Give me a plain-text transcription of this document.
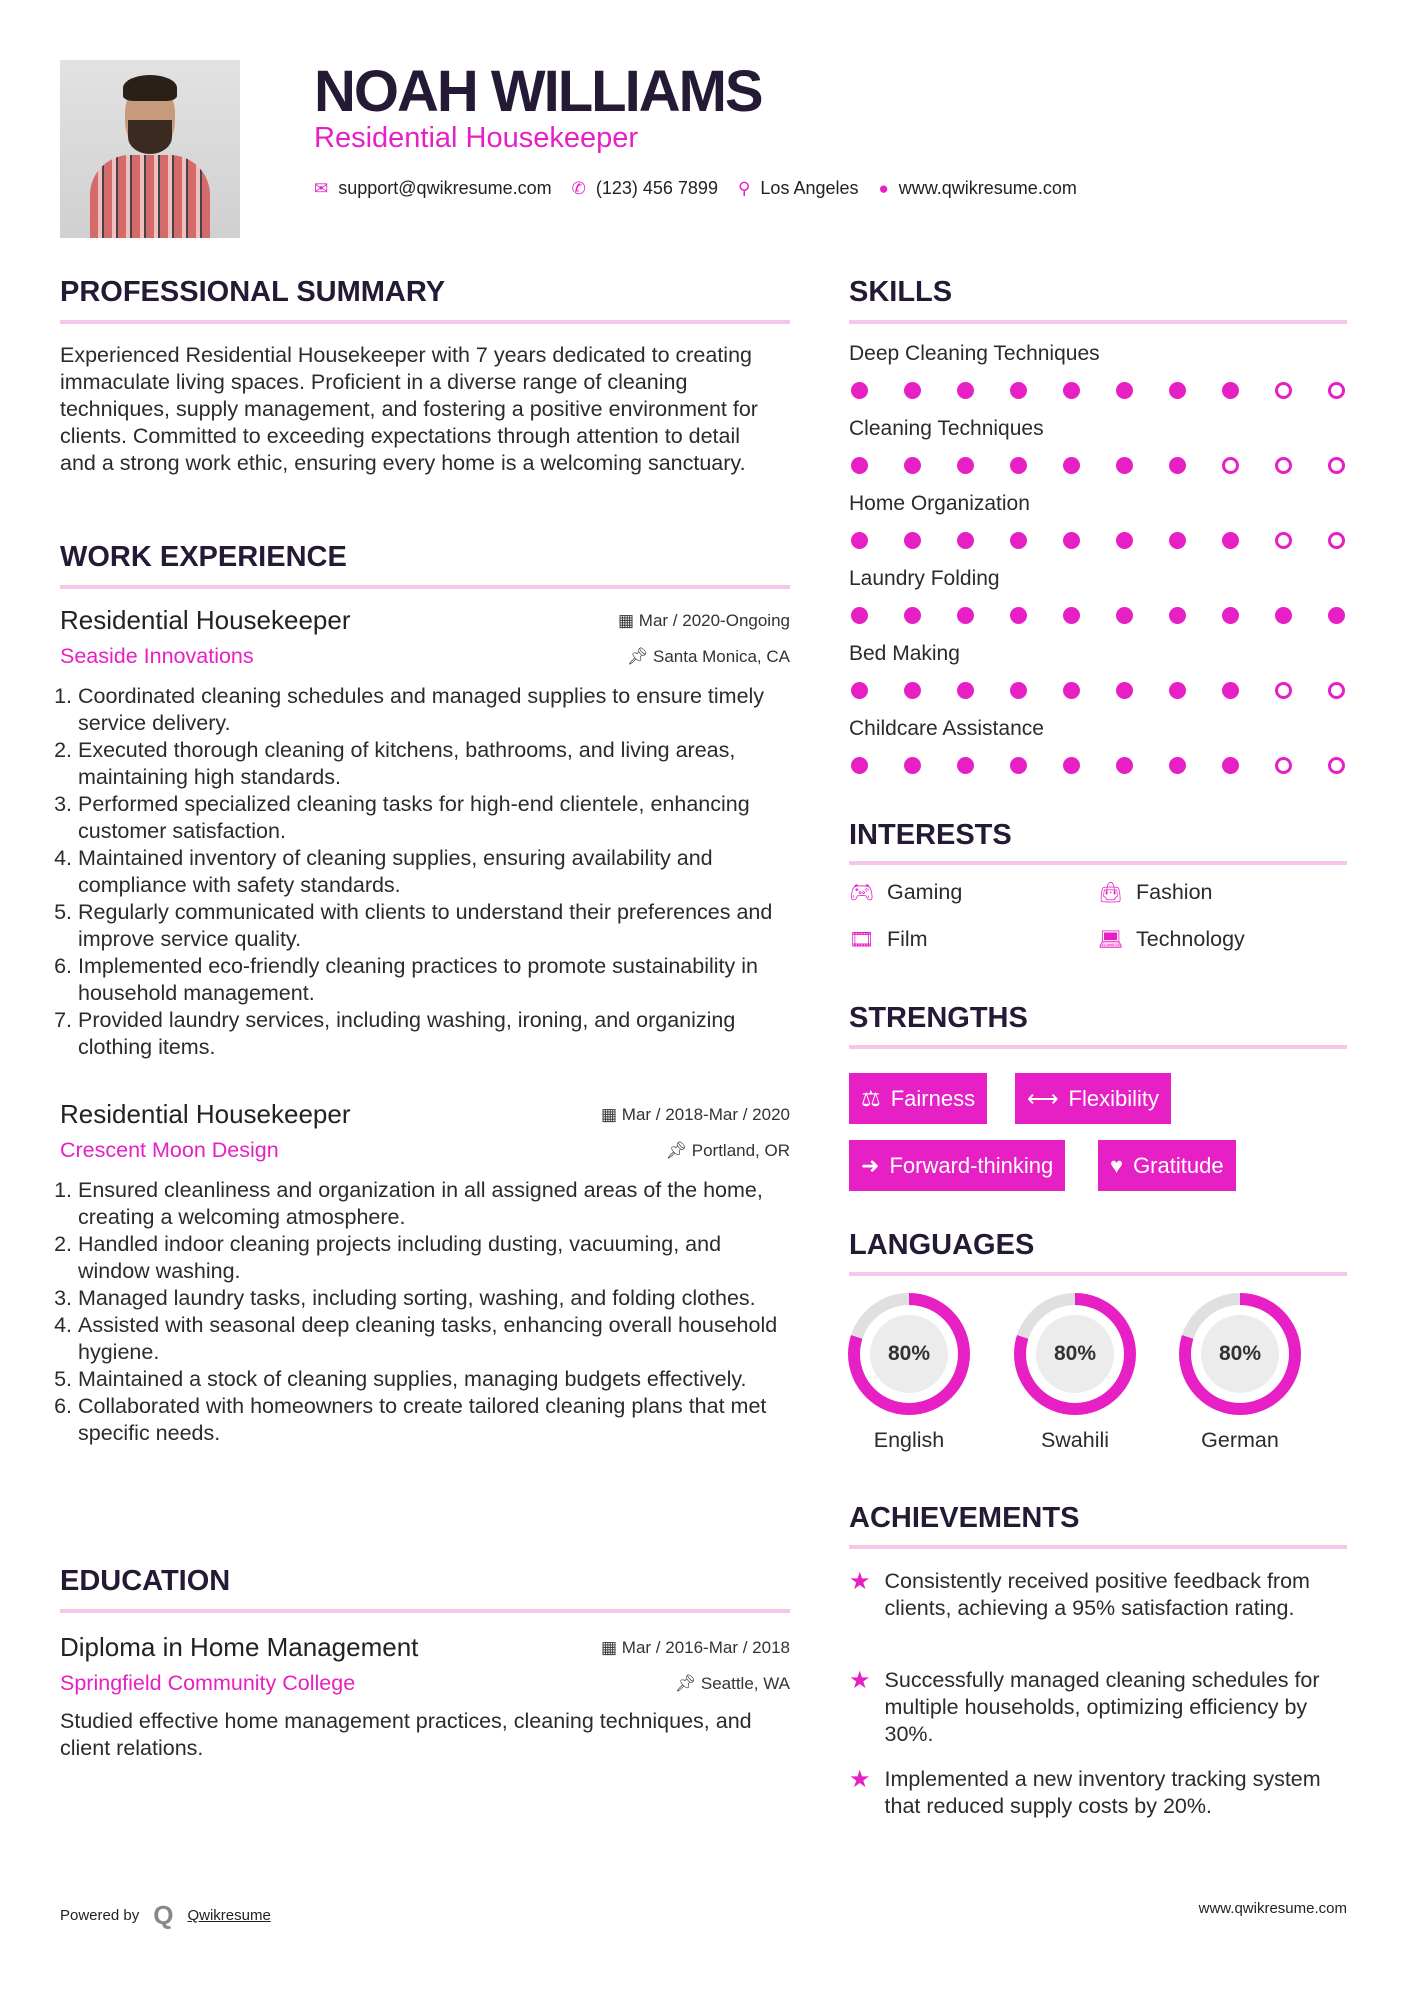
NOAH WILLIAMS
Residential Housekeeper
✉ support@qwikresume.com ✆ (123) 456 7899 ⚲ Los Angeles ● www.qwikresume.com
PROFESSIONAL SUMMARY
Experienced Residential Housekeeper with 7 years dedicated to creating immaculate living spaces. Proficient in a diverse range of cleaning techniques, supply management, and fostering a positive environment for clients. Committed to exceeding expectations through attention to detail and a strong work ethic, ensuring every home is a welcoming sanctuary.
WORK EXPERIENCE
Residential Housekeeper	▦ Mar / 2020-Ongoing
Seaside Innovations	📌︎ Santa Monica, CA
1. Coordinated cleaning schedules and managed supplies to ensure timely service delivery.
2. Executed thorough cleaning of kitchens, bathrooms, and living areas, maintaining high standards.
3. Performed specialized cleaning tasks for high-end clientele, enhancing customer satisfaction.
4. Maintained inventory of cleaning supplies, ensuring availability and compliance with safety standards.
5. Regularly communicated with clients to understand their preferences and improve service quality.
6. Implemented eco-friendly cleaning practices to promote sustainability in household management.
7. Provided laundry services, including washing, ironing, and organizing clothing items.
Residential Housekeeper	▦ Mar / 2018-Mar / 2020
Crescent Moon Design	📌︎ Portland, OR
1. Ensured cleanliness and organization in all assigned areas of the home, creating a welcoming atmosphere.
2. Handled indoor cleaning projects including dusting, vacuuming, and window washing.
3. Managed laundry tasks, including sorting, washing, and folding clothes.
4. Assisted with seasonal deep cleaning tasks, enhancing overall household hygiene.
5. Maintained a stock of cleaning supplies, managing budgets effectively.
6. Collaborated with homeowners to create tailored cleaning plans that met specific needs.
EDUCATION
Diploma in Home Management	▦ Mar / 2016-Mar / 2018
Springfield Community College	📌︎ Seattle, WA
Studied effective home management practices, cleaning techniques, and client relations.
SKILLS
Deep Cleaning Techniques
Cleaning Techniques
Home Organization
Laundry Folding
Bed Making
Childcare Assistance
INTERESTS
🎮︎ Gaming	👜︎ Fashion
🎞︎ Film	💻︎ Technology
STRENGTHS
⚖ Fairness ⟷ Flexibility
➜ Forward-thinking	♥ Gratitude
LANGUAGES
80%	80%	80%
English	Swahili	German
ACHIEVEMENTS
★ Consistently received positive feedback from clients, achieving a 95% satisfaction rating.
★ Successfully managed cleaning schedules for multiple households, optimizing efficiency by 30%.
★ Implemented a new inventory tracking system that reduced supply costs by 20%.
Powered by Q Qwikresume	www.qwikresume.com
